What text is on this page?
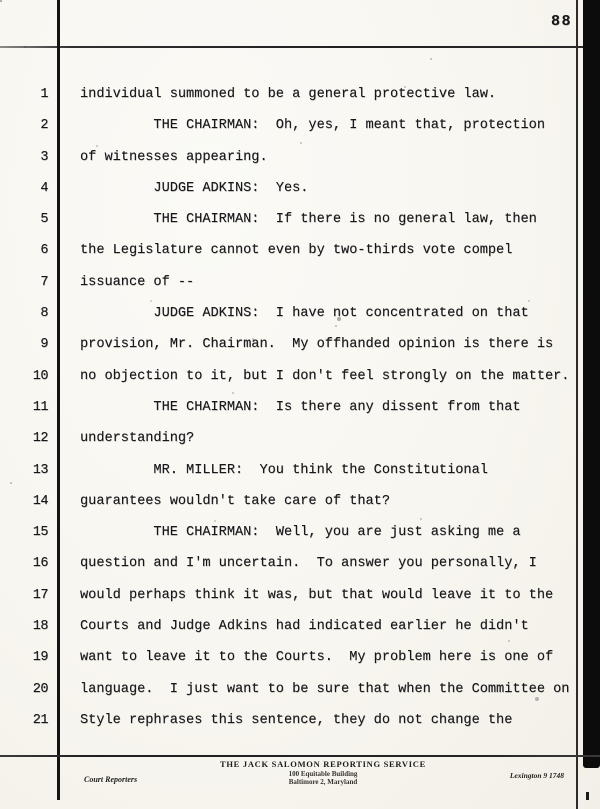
88
1	individual summoned to be a general protective law.
2	THE CHAIRMAN:  Oh, yes, I meant that, protection
3	of witnesses appearing.
4	JUDGE ADKINS:  Yes.
5	THE CHAIRMAN:  If there is no general law, then
6	the Legislature cannot even by two-thirds vote compel
7	issuance of --
8	JUDGE ADKINS:  I have not concentrated on that
9	provision, Mr. Chairman.  My offhanded opinion is there is
10	no objection to it, but I don't feel strongly on the matter.
11	THE CHAIRMAN:  Is there any dissent from that
12	understanding?
13	MR. MILLER:  You think the Constitutional
14	guarantees wouldn't take care of that?
15	THE CHAIRMAN:  Well, you are just asking me a
16	question and I'm uncertain.  To answer you personally, I
17	would perhaps think it was, but that would leave it to the
18	Courts and Judge Adkins had indicated earlier he didn't
19	want to leave it to the Courts.  My problem here is one of
20	language.  I just want to be sure that when the Committee on
21	Style rephrases this sentence, they do not change the
Court Reporters
THE JACK SALOMON REPORTING SERVICE
100 Equitable Building
Baltimore 2, Maryland
Lexington 9 1748
